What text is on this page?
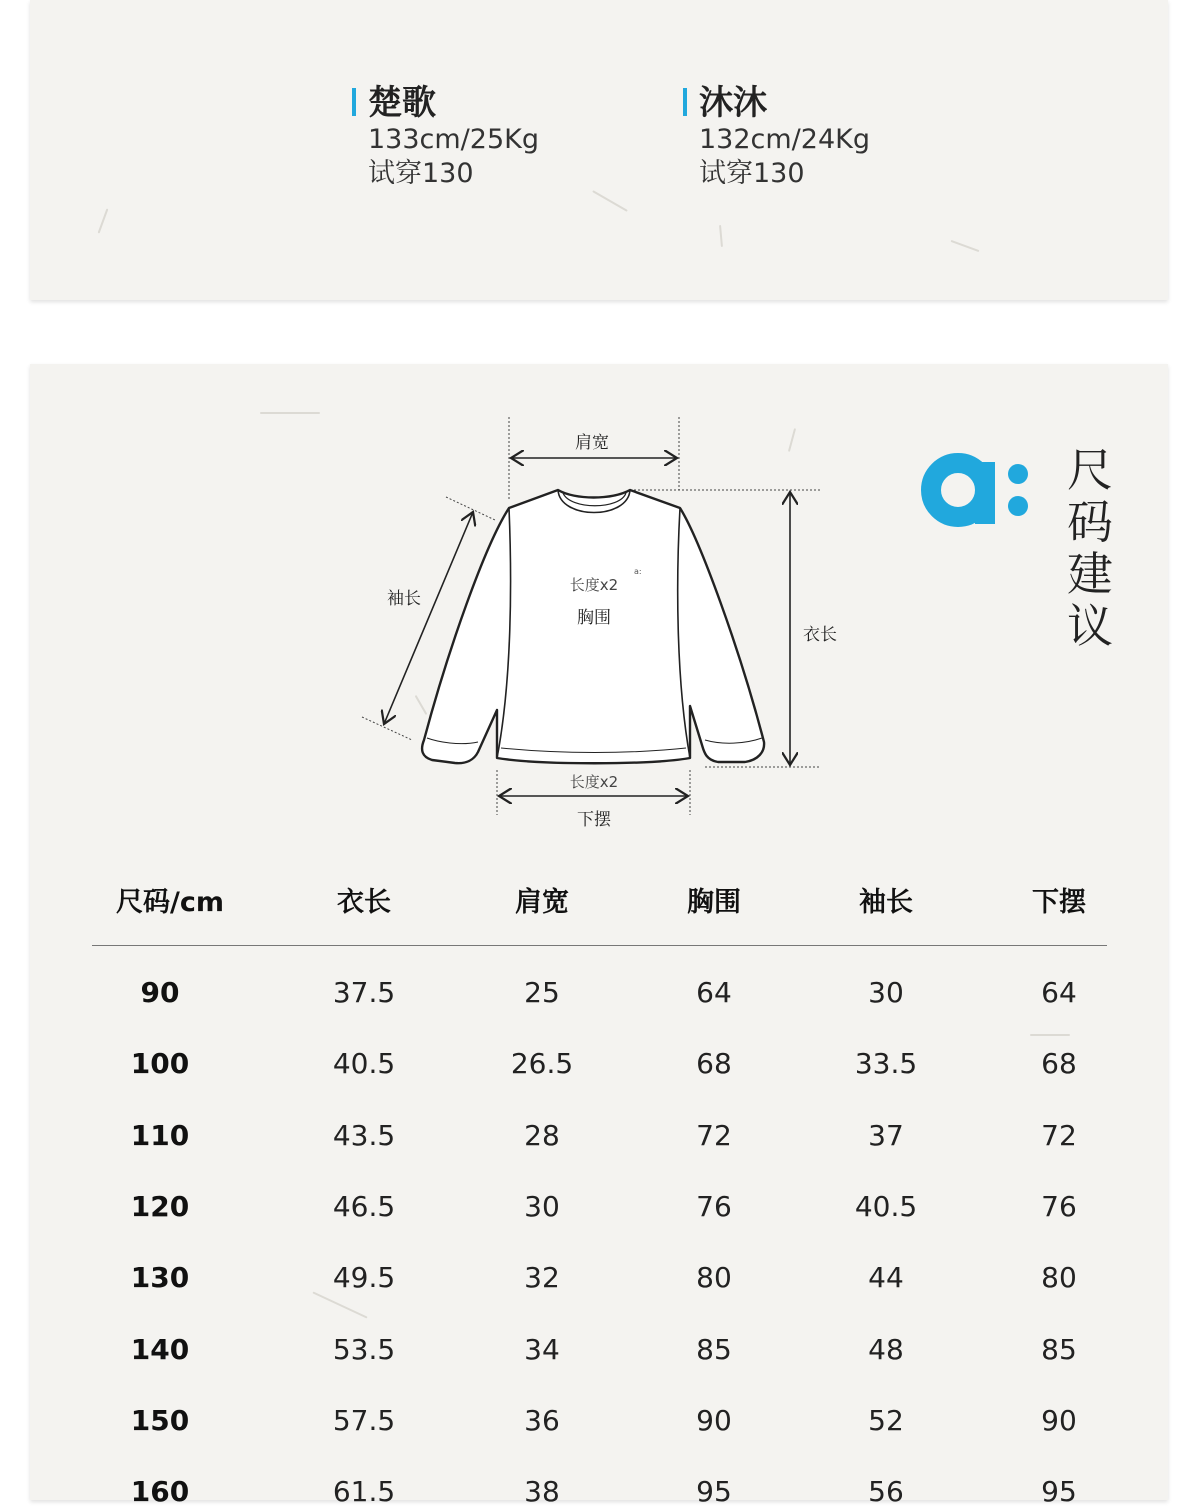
楚歌
133cm/25Kg
试穿130
沐沐
132cm/24Kg
试穿130
a:
肩宽
长度x2
胸围
袖长
衣长
长度x2
下摆
尺
码
建
议
尺码/cm	衣长	肩宽	胸围	袖长	下摆
90	37.5	25	64	30	64
100	40.5	26.5	68	33.5	68
110	43.5	28	72	37	72
120	46.5	30	76	40.5	76
130	49.5	32	80	44	80
140	53.5	34	85	48	85
150	57.5	36	90	52	90
160	61.5	38	95	56	95
